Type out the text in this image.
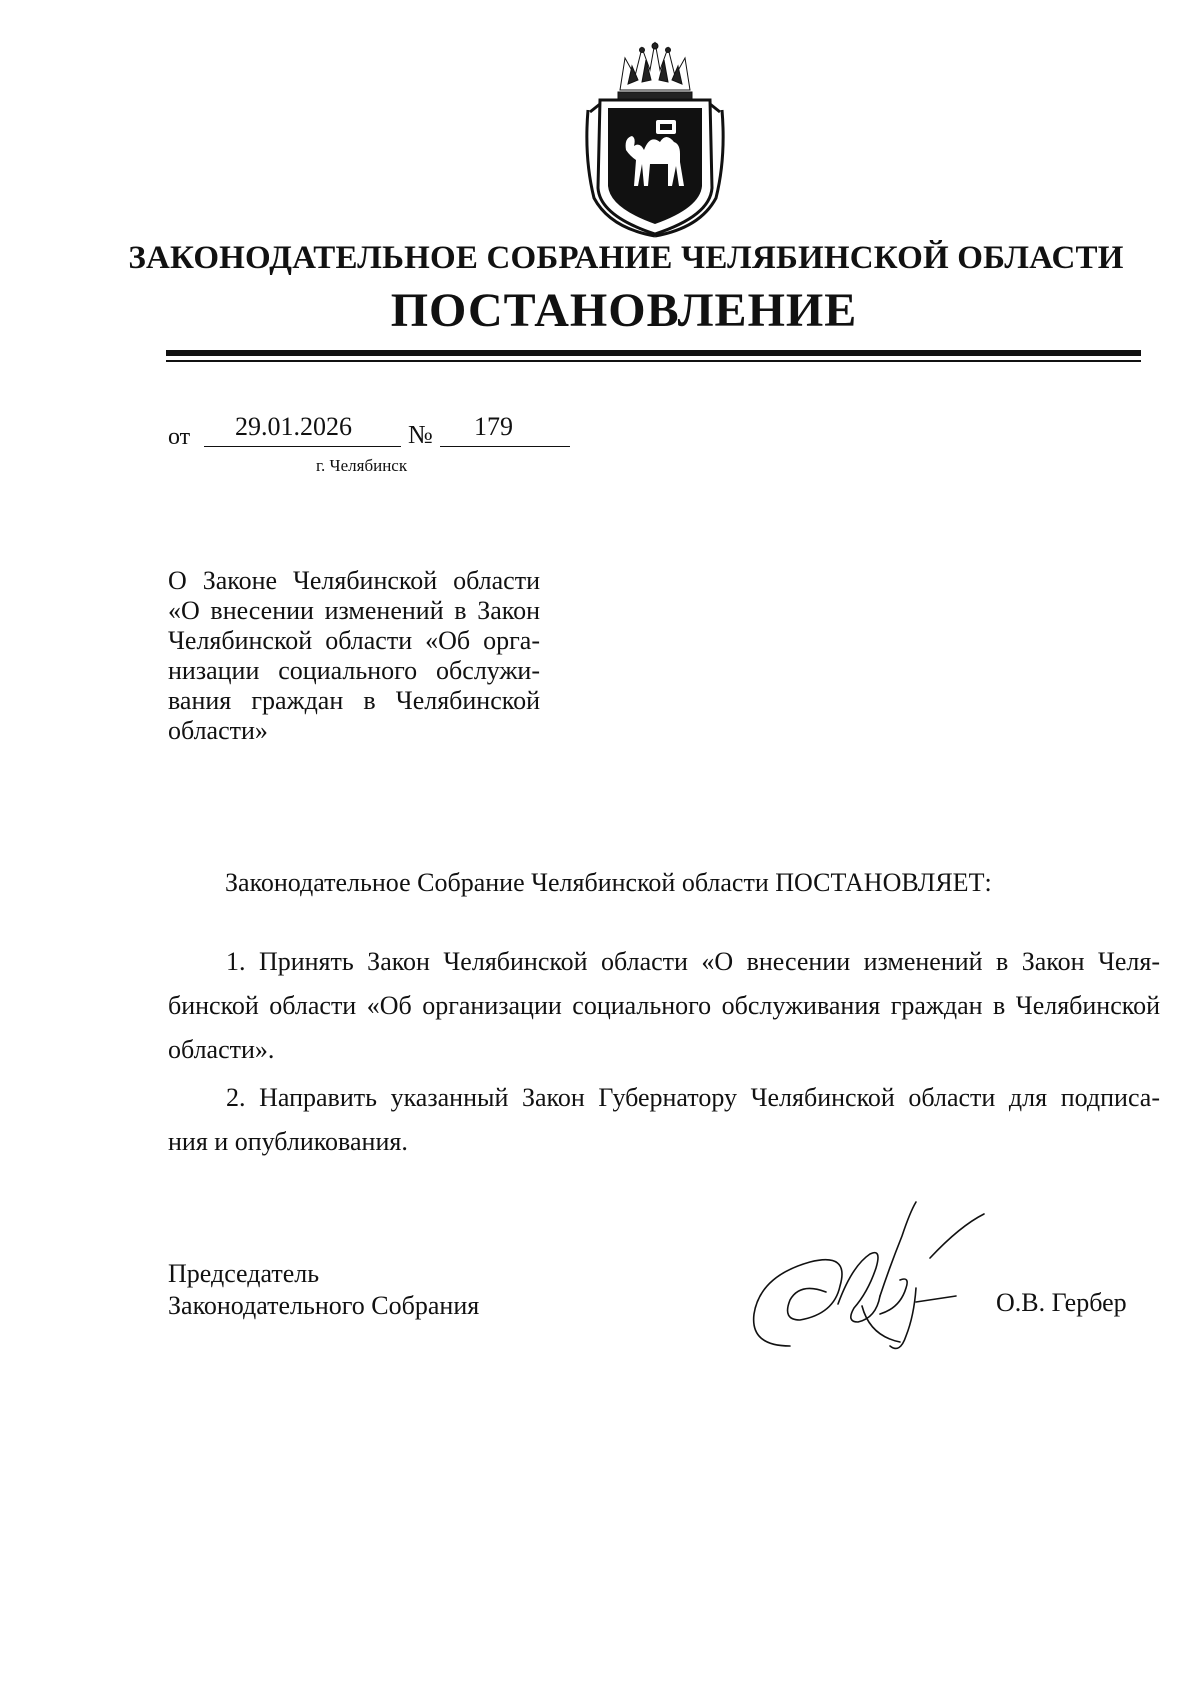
ЗАКОНОДАТЕЛЬНОЕ СОБРАНИЕ ЧЕЛЯБИНСКОЙ ОБЛАСТИ
ПОСТАНОВЛЕНИЕ
от 29.01.2026 № 179
г. Челябинск
О Законе Челябинской области
«О внесении изменений в Закон
Челябинской области «Об орга-
низации социального обслужи-
вания граждан в Челябинской
области»
Законодательное Собрание Челябинской области ПОСТАНОВЛЯЕТ:
1. Принять Закон Челябинской области «О внесении изменений в Закон Челя-
бинской области «Об организации социального обслуживания граждан в Челябинской
области».
2. Направить указанный Закон Губернатору Челябинской области для подписа-
ния и опубликования.
Председатель
Законодательного Собрания	О.В. Гербер
